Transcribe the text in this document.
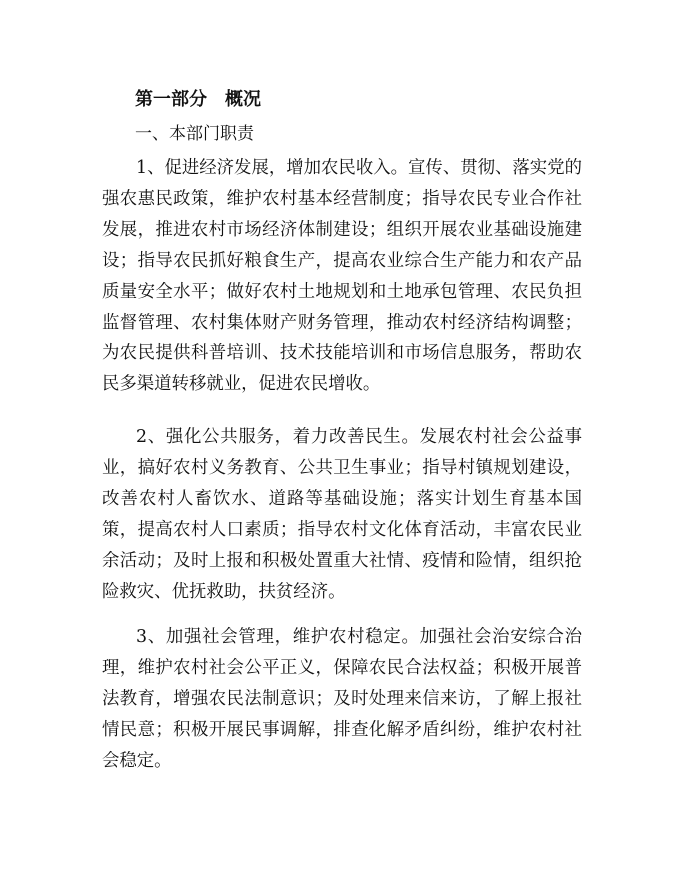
第一部分　概况
一、本部门职责

1、促进经济发展，增加农民收入。宣传、贯彻、落实党的强农惠民政策，维护农村基本经营制度；指导农民专业合作社发展，推进农村市场经济体制建设；组织开展农业基础设施建设；指导农民抓好粮食生产，提高农业综合生产能力和农产品质量安全水平；做好农村土地规划和土地承包管理、农民负担监督管理、农村集体财产财务管理，推动农村经济结构调整；为农民提供科普培训、技术技能培训和市场信息服务，帮助农民多渠道转移就业，促进农民增收。

2、强化公共服务，着力改善民生。发展农村社会公益事业，搞好农村义务教育、公共卫生事业；指导村镇规划建设，改善农村人畜饮水、道路等基础设施；落实计划生育基本国策，提高农村人口素质；指导农村文化体育活动，丰富农民业余活动；及时上报和积极处置重大社情、疫情和险情，组织抢险救灾、优抚救助，扶贫经济。

3、加强社会管理，维护农村稳定。加强社会治安综合治理，维护农村社会公平正义，保障农民合法权益；积极开展普法教育，增强农民法制意识；及时处理来信来访，了解上报社情民意；积极开展民事调解，排查化解矛盾纠纷，维护农村社会稳定。
